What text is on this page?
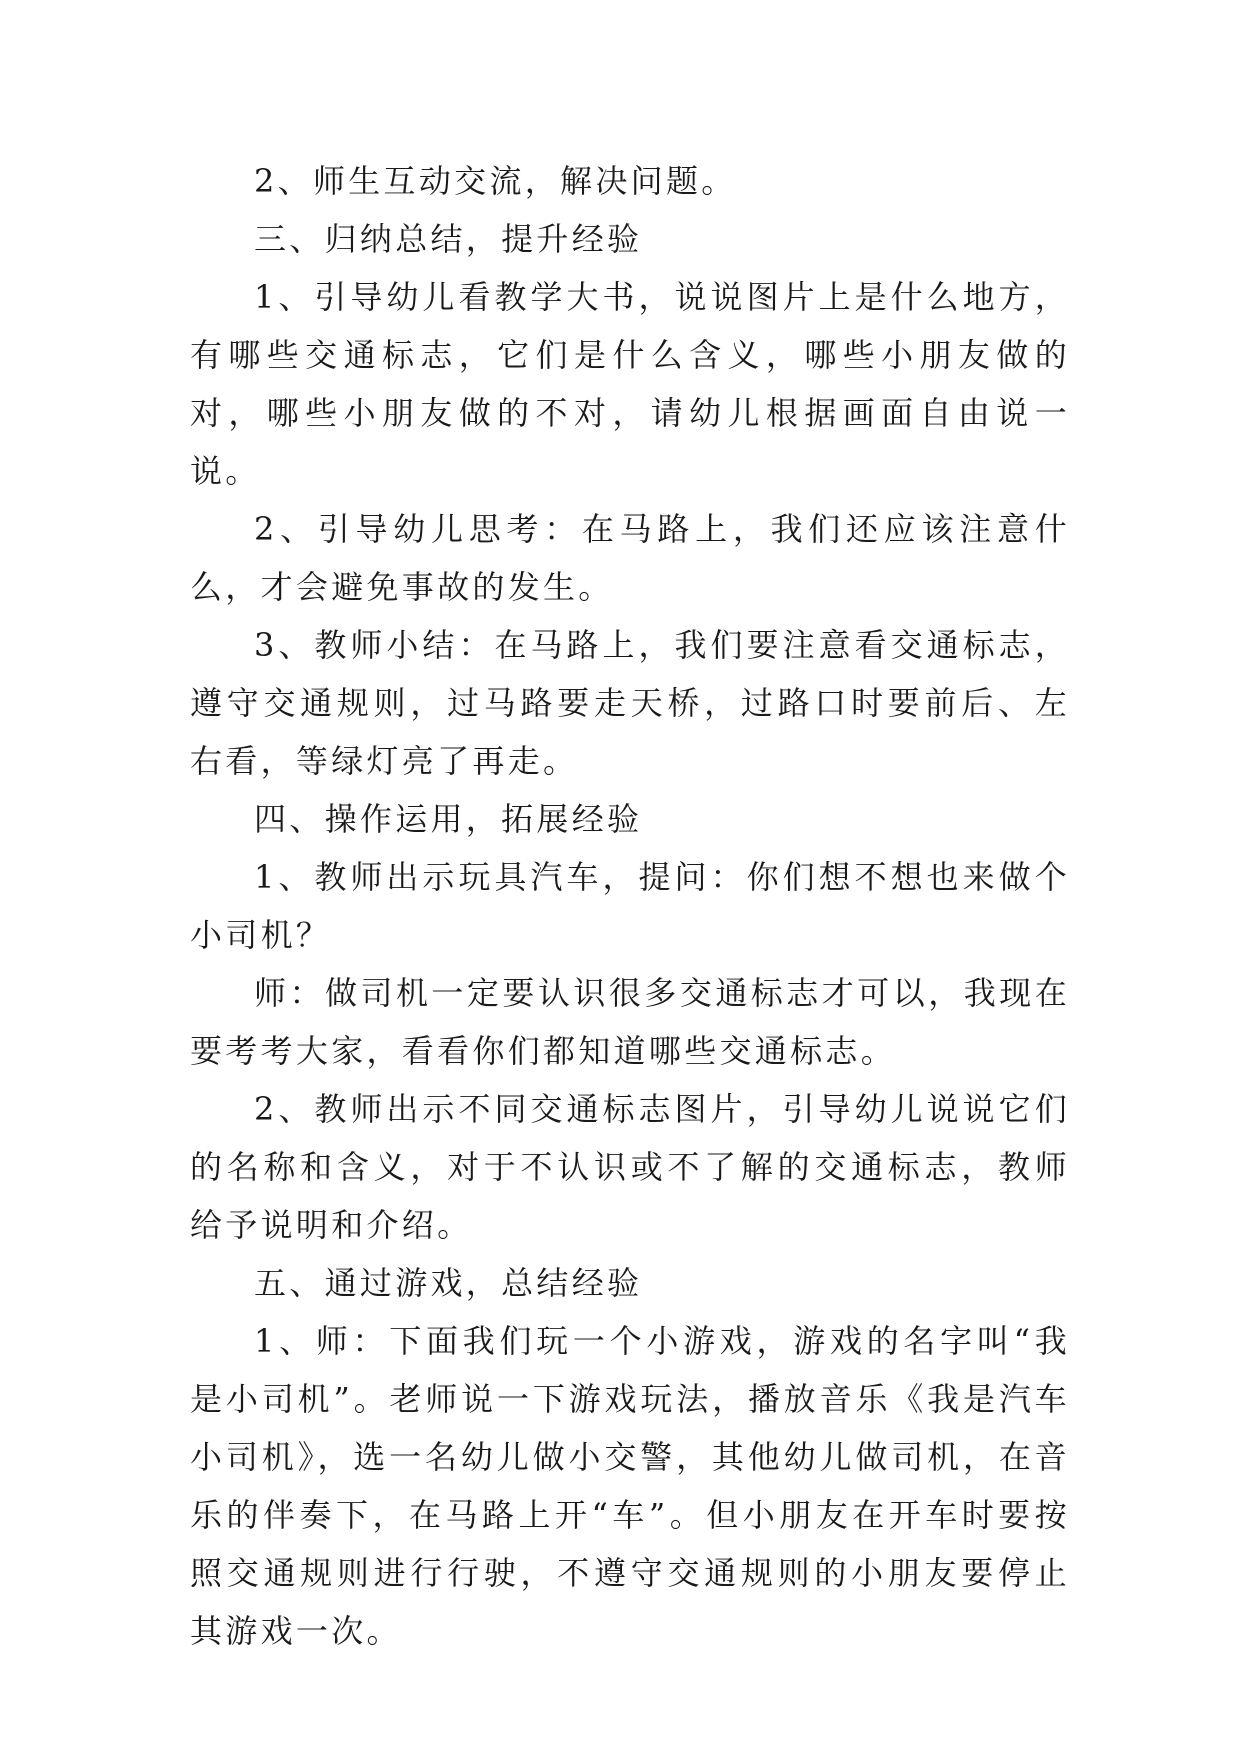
2、师生互动交流，解决问题。

三、归纳总结，提升经验

1、引导幼儿看教学大书，说说图片上是什么地方，有哪些交通标志，它们是什么含义，哪些小朋友做的对，哪些小朋友做的不对，请幼儿根据画面自由说一说。

2、引导幼儿思考：在马路上，我们还应该注意什么，才会避免事故的发生。

3、教师小结：在马路上，我们要注意看交通标志，遵守交通规则，过马路要走天桥，过路口时要前后、左右看，等绿灯亮了再走。

四、操作运用，拓展经验

1、教师出示玩具汽车，提问：你们想不想也来做个小司机？

师：做司机一定要认识很多交通标志才可以，我现在要考考大家，看看你们都知道哪些交通标志。

2、教师出示不同交通标志图片，引导幼儿说说它们的名称和含义，对于不认识或不了解的交通标志，教师给予说明和介绍。

五、通过游戏，总结经验

1、师：下面我们玩一个小游戏，游戏的名字叫“我是小司机”。老师说一下游戏玩法，播放音乐《我是汽车小司机》，选一名幼儿做小交警，其他幼儿做司机，在音乐的伴奏下，在马路上开“车”。但小朋友在开车时要按照交通规则进行行驶，不遵守交通规则的小朋友要停止其游戏一次。
